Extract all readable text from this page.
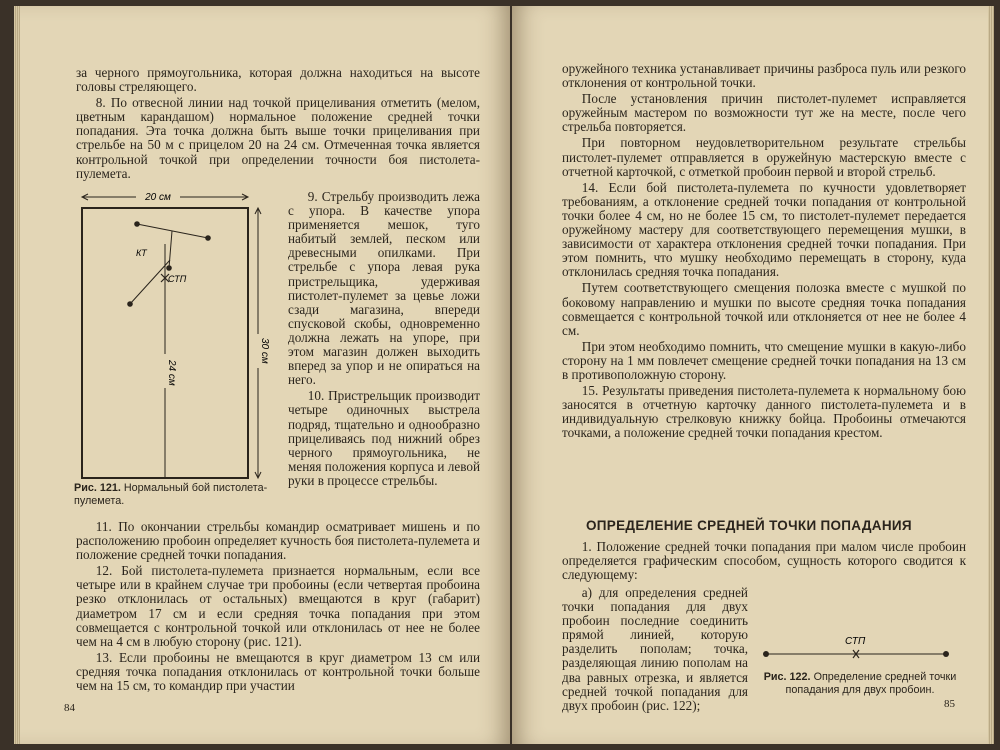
за черного прямоугольника, которая должна находиться на высоте головы стреляющего.

8. По отвесной линии над точкой прицеливания отметить (мелом, цветным карандашом) нормальное положение средней точки попадания. Эта точка должна быть выше точки прицеливания при стрельбе на 50 м с прицелом 20 на 24 см. Отмеченная точка является контрольной точкой при определении точности боя пистолета-пулемета.

20 см
КТ
СТП
24 см
30 см
Рис. 121. Нормальный бой пистолета-пулемета.

9. Стрельбу производить лежа с упора. В качестве упора применяется мешок, туго набитый землей, песком или древесными опилками. При стрельбе с упора левая рука пристрельщика, удерживая пистолет-пулемет за цевье ложи сзади магазина, впереди спусковой скобы, одновременно должна лежать на упоре, при этом магазин должен выходить вперед за упор и не опираться на него.

10. Пристрельщик производит четыре одиночных выстрела подряд, тщательно и однообразно прицеливаясь под нижний обрез черного прямоугольника, не меняя положения корпуса и левой руки в процессе стрельбы.

11. По окончании стрельбы командир осматривает мишень и по расположению пробоин определяет кучность боя пистолета-пулемета и положение средней точки попадания.

12. Бой пистолета-пулемета признается нормальным, если все четыре или в крайнем случае три пробоины (если четвертая пробоина резко отклонилась от остальных) вмещаются в круг (габарит) диаметром 17 см и если средняя точка попадания при этом совмещается с контрольной точкой или отклонилась от нее не более чем на 4 см в любую сторону (рис. 121).

13. Если пробоины не вмещаются в круг диаметром 13 см или средняя точка попадания отклонилась от контрольной точки больше чем на 15 см, то командир при участии

84

оружейного техника устанавливает причины разброса пуль или резкого отклонения от контрольной точки.

После установления причин пистолет-пулемет исправляется оружейным мастером по возможности тут же на месте, после чего стрельба повторяется.

При повторном неудовлетворительном результате стрельбы пистолет-пулемет отправляется в оружейную мастерскую вместе с отчетной карточкой, с отметкой пробоин первой и второй стрельб.

14. Если бой пистолета-пулемета по кучности удовлетворяет требованиям, а отклонение средней точки попадания от контрольной точки более 4 см, но не более 15 см, то пистолет-пулемет передается оружейному мастеру для соответствующего перемещения мушки, в зависимости от характера отклонения средней точки попадания. При этом помнить, что мушку необходимо перемещать в сторону, куда отклонилась средняя точка попадания.

Путем соответствующего смещения полозка вместе с мушкой по боковому направлению и мушки по высоте средняя точка попадания совмещается с контрольной точкой или отклоняется от нее не более 4 см.

При этом необходимо помнить, что смещение мушки в какую-либо сторону на 1 мм повлечет смещение средней точки попадания на 13 см в противоположную сторону.

15. Результаты приведения пистолета-пулемета к нормальному бою заносятся в отчетную карточку данного пистолета-пулемета и в индивидуальную стрелковую книжку бойца. Пробоины отмечаются точками, а положение средней точки попадания крестом.

ОПРЕДЕЛЕНИЕ СРЕДНЕЙ ТОЧКИ ПОПАДАНИЯ

1. Положение средней точки попадания при малом числе пробоин определяется графическим способом, сущность которого сводится к следующему:

а) для определения средней точки попадания для двух пробоин последние соединить прямой линией, которую разделить пополам; точка, разделяющая линию пополам на два равных отрезка, и является средней точкой попадания для двух пробоин (рис. 122);

СТП
Рис. 122. Определение средней точки попадания для двух пробоин.
85
